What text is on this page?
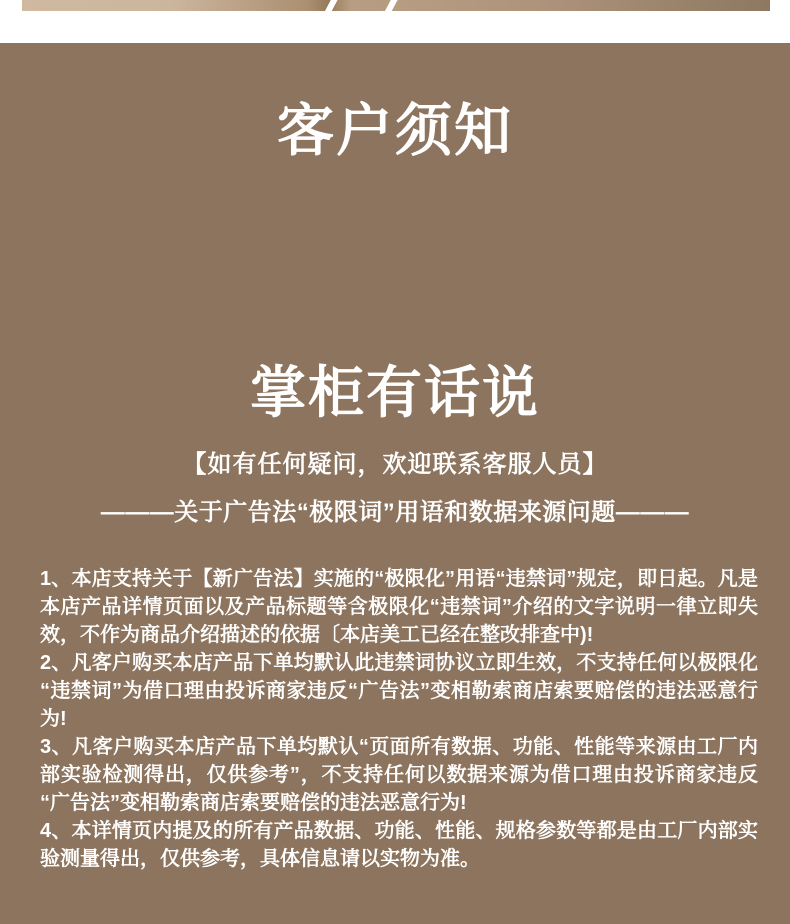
客户须知
掌柜有话说
【如有任何疑问，欢迎联系客服人员】
———关于广告法“极限词”用语和数据来源问题———

1、本店支持关于【新广告法】实施的“极限化”用语“违禁词”规定，即日起。凡是本店产品详情页面以及产品标题等含极限化“违禁词”介绍的文字说明一律立即失效，不作为商品介绍描述的依据〔本店美工已经在整改排查中)!

2、凡客户购买本店产品下单均默认此违禁词协议立即生效，不支持任何以极限化“违禁词”为借口理由投诉商家违反“广告法”变相勒索商店索要赔偿的违法恶意行为!

3、凡客户购买本店产品下单均默认“页面所有数据、功能、性能等来源由工厂内部实验检测得出，仅供参考”，不支持任何以数据来源为借口理由投诉商家违反“广告法”变相勒索商店索要赔偿的违法恶意行为!

4、本详情页内提及的所有产品数据、功能、性能、规格参数等都是由工厂内部实验测量得出，仅供参考，具体信息请以实物为准。
